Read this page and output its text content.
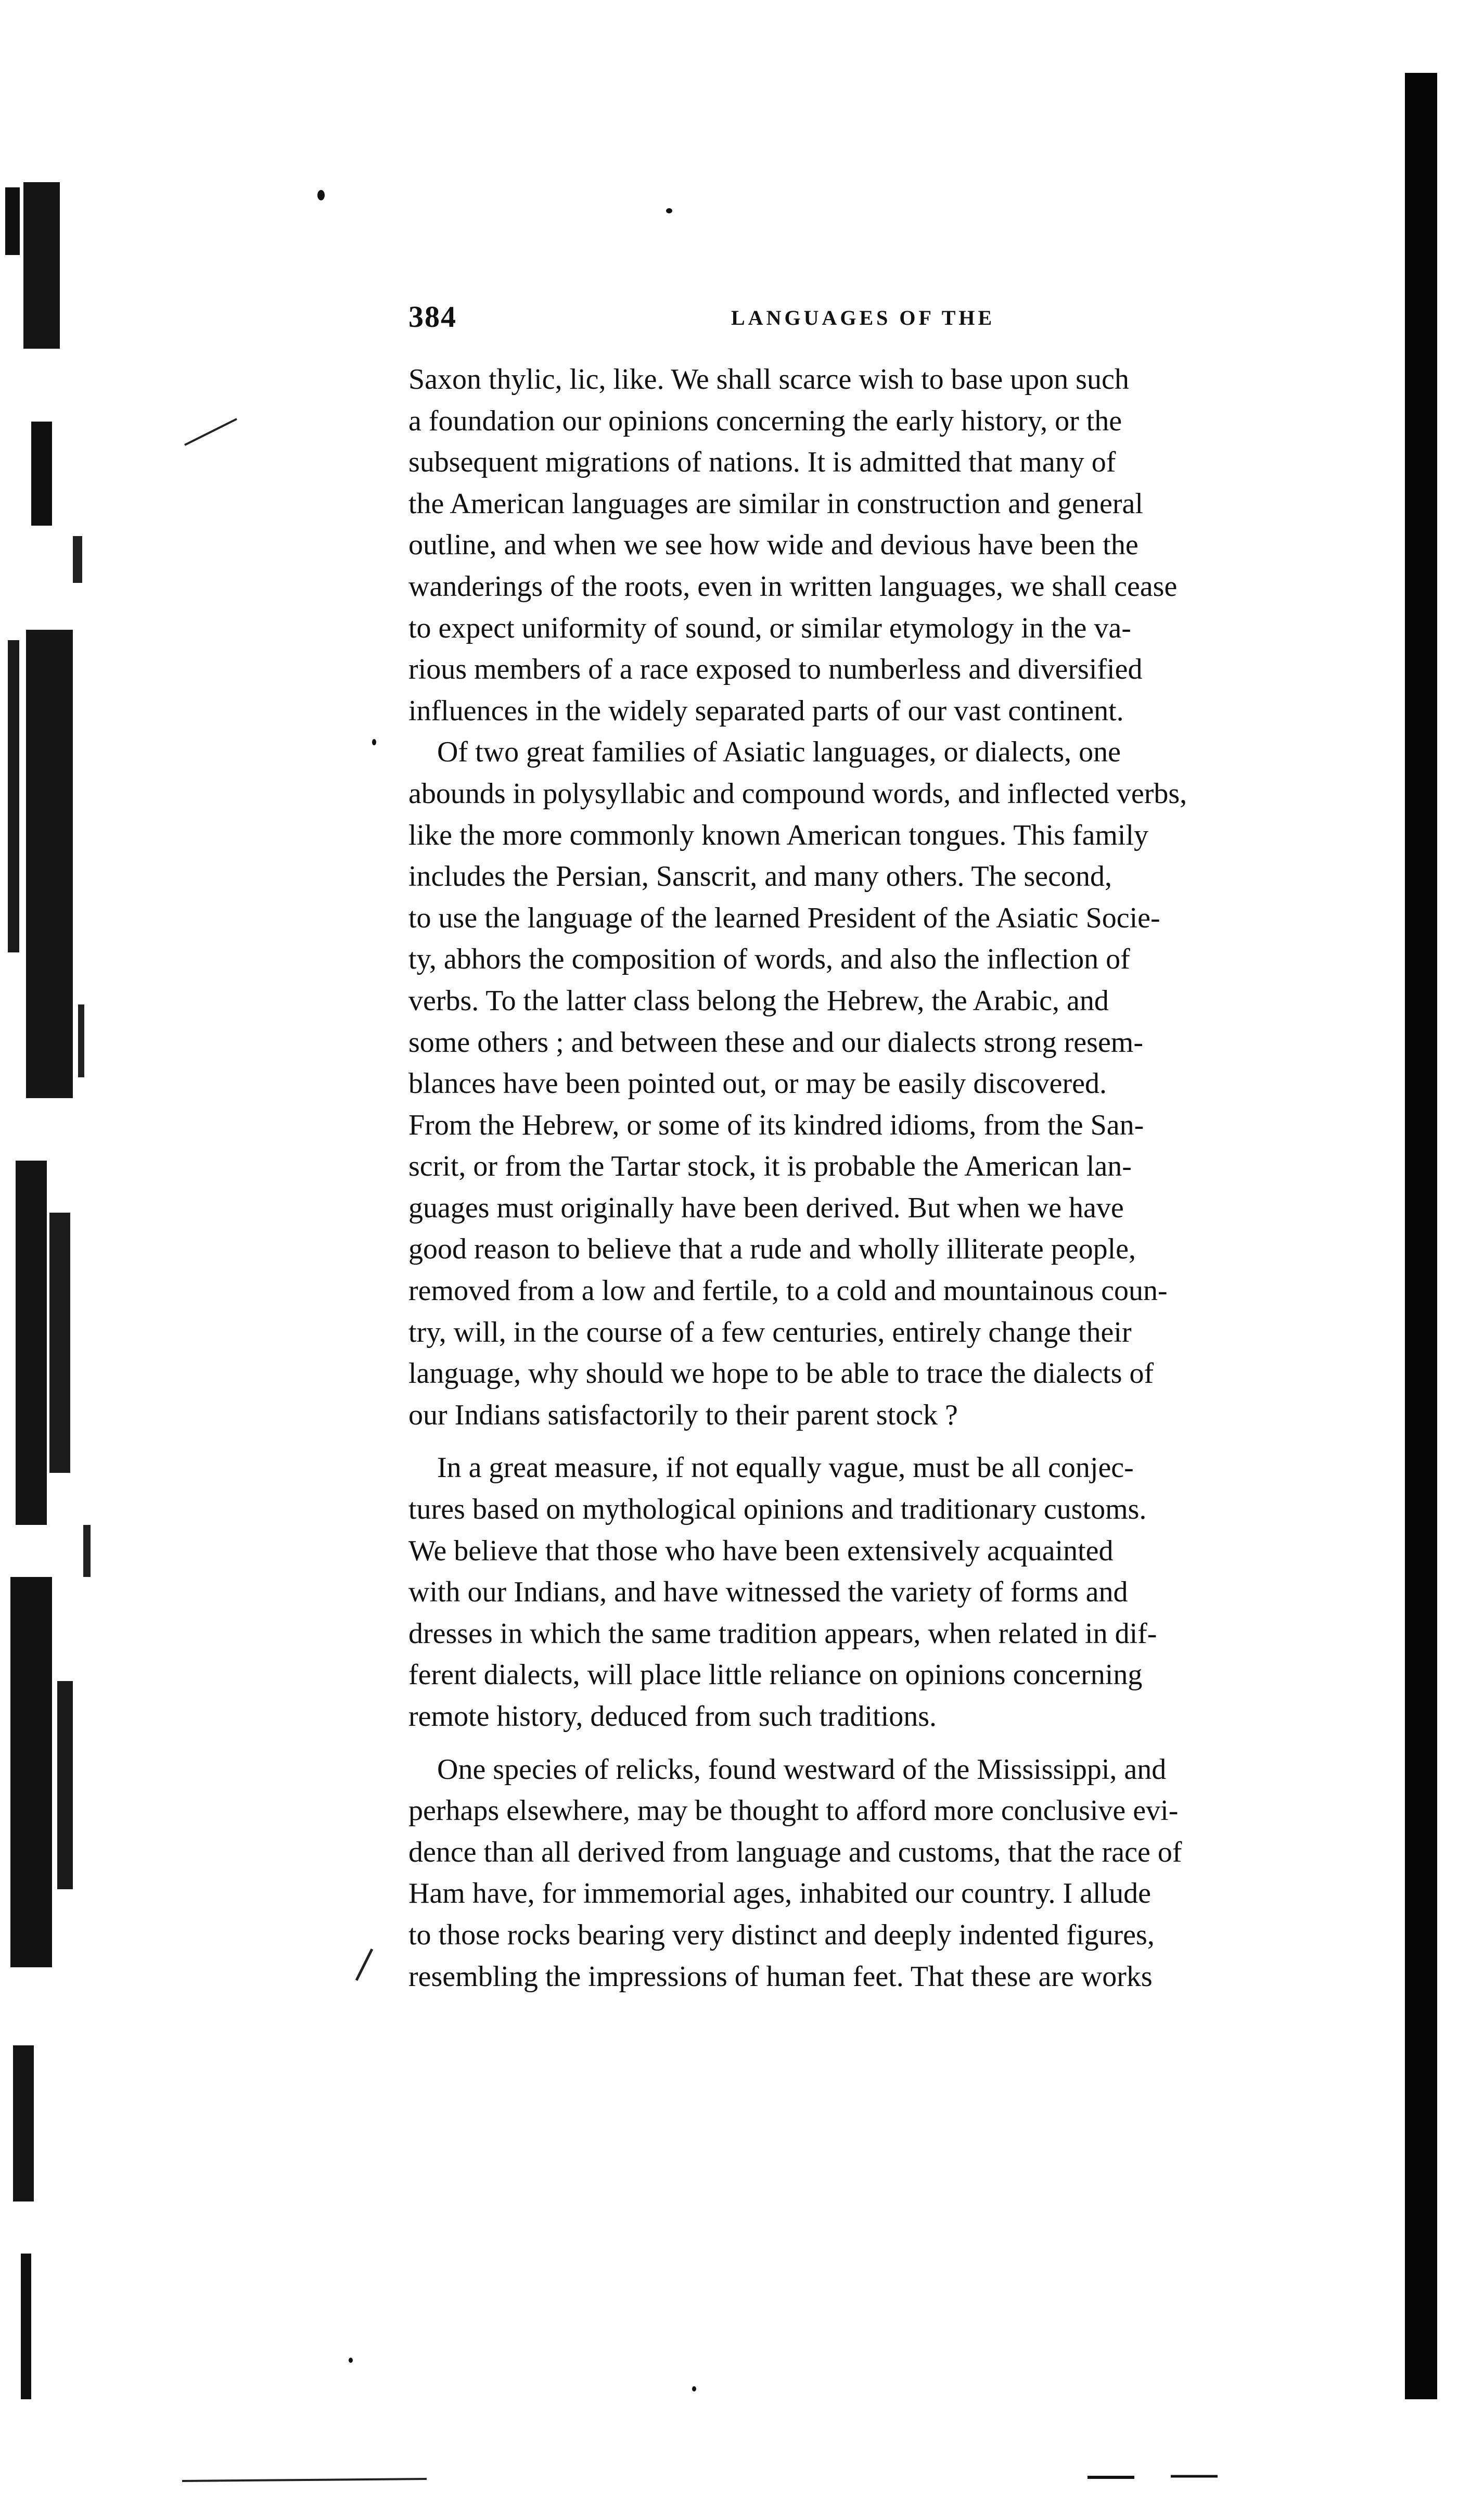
384	LANGUAGES OF THE
Saxon thylic, lic, like. We shall scarce wish to base upon such
a foundation our opinions concerning the early history, or the
subsequent migrations of nations. It is admitted that many of
the American languages are similar in construction and general
outline, and when we see how wide and devious have been the
wanderings of the roots, even in written languages, we shall cease
to expect uniformity of sound, or similar etymology in the va-
rious members of a race exposed to numberless and diversified
influences in the widely separated parts of our vast continent.
Of two great families of Asiatic languages, or dialects, one
abounds in polysyllabic and compound words, and inflected verbs,
like the more commonly known American tongues. This family
includes the Persian, Sanscrit, and many others. The second,
to use the language of the learned President of the Asiatic Socie-
ty, abhors the composition of words, and also the inflection of
verbs. To the latter class belong the Hebrew, the Arabic, and
some others ; and between these and our dialects strong resem-
blances have been pointed out, or may be easily discovered.
From the Hebrew, or some of its kindred idioms, from the San-
scrit, or from the Tartar stock, it is probable the American lan-
guages must originally have been derived. But when we have
good reason to believe that a rude and wholly illiterate people,
removed from a low and fertile, to a cold and mountainous coun-
try, will, in the course of a few centuries, entirely change their
language, why should we hope to be able to trace the dialects of
our Indians satisfactorily to their parent stock ?
In a great measure, if not equally vague, must be all conjec-
tures based on mythological opinions and traditionary customs.
We believe that those who have been extensively acquainted
with our Indians, and have witnessed the variety of forms and
dresses in which the same tradition appears, when related in dif-
ferent dialects, will place little reliance on opinions concerning
remote history, deduced from such traditions.
One species of relicks, found westward of the Mississippi, and
perhaps elsewhere, may be thought to afford more conclusive evi-
dence than all derived from language and customs, that the race of
Ham have, for immemorial ages, inhabited our country. I allude
to those rocks bearing very distinct and deeply indented figures,
resembling the impressions of human feet. That these are works
